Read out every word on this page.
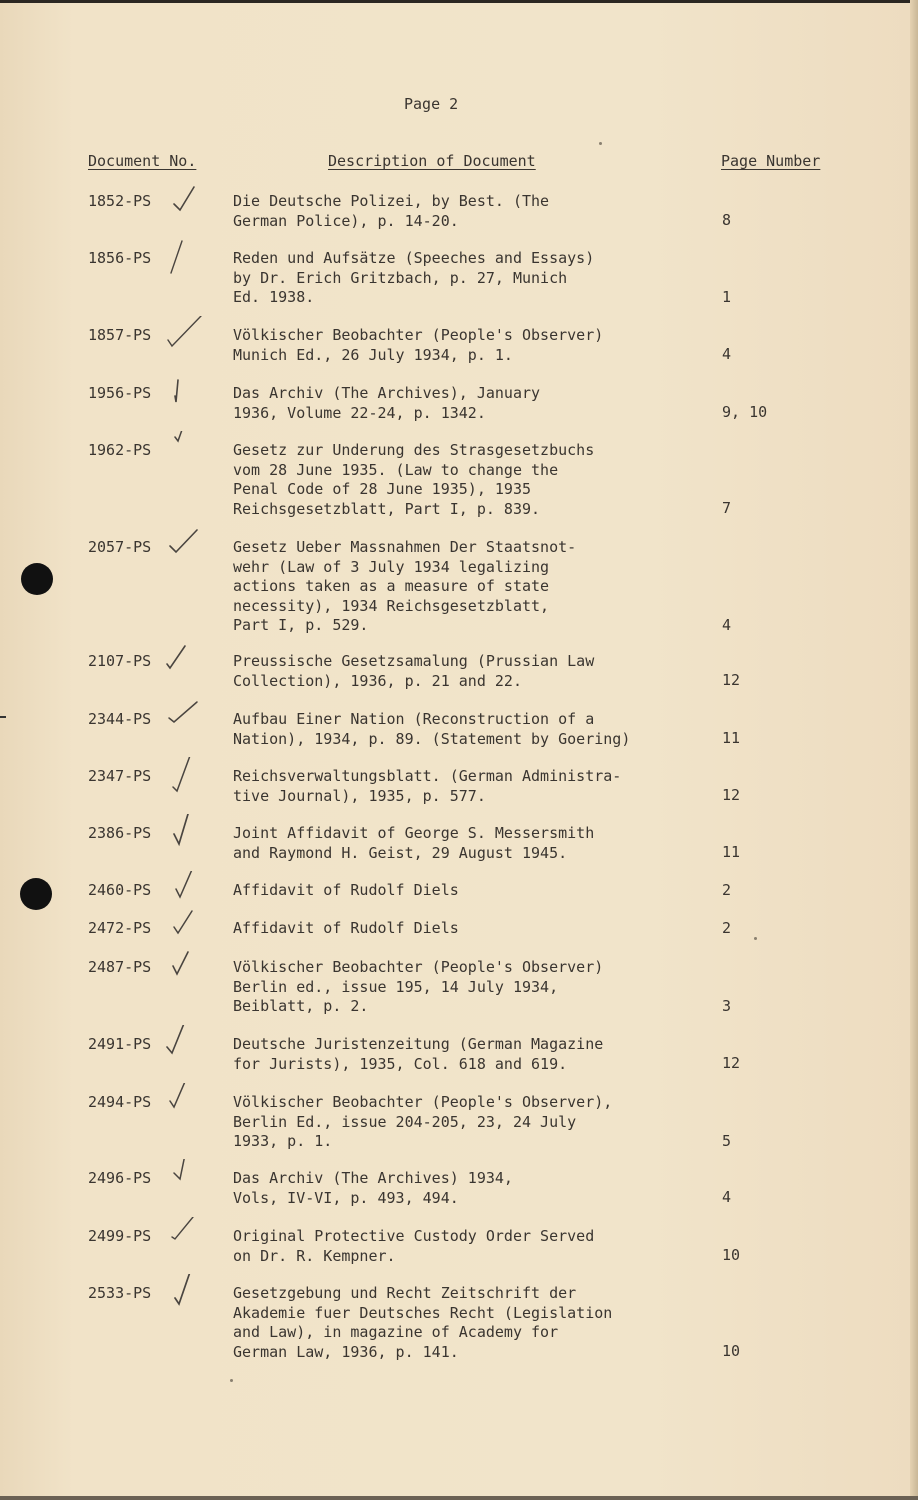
Page 2
Document No.	Description of Document	Page Number
1852-PS	Die Deutsche Polizei, by Best. (The
German Police), p. 14-20.	8
1856-PS	Reden und Aufsätze (Speeches and Essays)
by Dr. Erich Gritzbach, p. 27, Munich
Ed. 1938.	1
1857-PS	Völkischer Beobachter (People's Observer)
Munich Ed., 26 July 1934, p. 1.	4
1956-PS	Das Archiv (The Archives), January
1936, Volume 22-24, p. 1342.	9, 10
1962-PS	Gesetz zur Underung des Strasgesetzbuchs
vom 28 June 1935. (Law to change the
Penal Code of 28 June 1935), 1935
Reichsgesetzblatt, Part I, p. 839.	7
2057-PS	Gesetz Ueber Massnahmen Der Staatsnot-
wehr (Law of 3 July 1934 legalizing
actions taken as a measure of state
necessity), 1934 Reichsgesetzblatt,
Part I, p. 529.	4
2107-PS	Preussische Gesetzsamalung (Prussian Law
Collection), 1936, p. 21 and 22.	12
2344-PS	Aufbau Einer Nation (Reconstruction of a
Nation), 1934, p. 89. (Statement by Goering)	11
2347-PS	Reichsverwaltungsblatt. (German Administra-
tive Journal), 1935, p. 577.	12
2386-PS	Joint Affidavit of George S. Messersmith
and Raymond H. Geist, 29 August 1945.	11
2460-PS	Affidavit of Rudolf Diels	2
2472-PS	Affidavit of Rudolf Diels	2
2487-PS	Völkischer Beobachter (People's Observer)
Berlin ed., issue 195, 14 July 1934,
Beiblatt, p. 2.	3
2491-PS	Deutsche Juristenzeitung (German Magazine
for Jurists), 1935, Col. 618 and 619.	12
2494-PS	Völkischer Beobachter (People's Observer),
Berlin Ed., issue 204-205, 23, 24 July
1933, p. 1.	5
2496-PS	Das Archiv (The Archives) 1934,
Vols, IV-VI, p. 493, 494.	4
2499-PS	Original Protective Custody Order Served
on Dr. R. Kempner.	10
2533-PS	Gesetzgebung und Recht Zeitschrift der
Akademie fuer Deutsches Recht (Legislation
and Law), in magazine of Academy for
German Law, 1936, p. 141.	10
